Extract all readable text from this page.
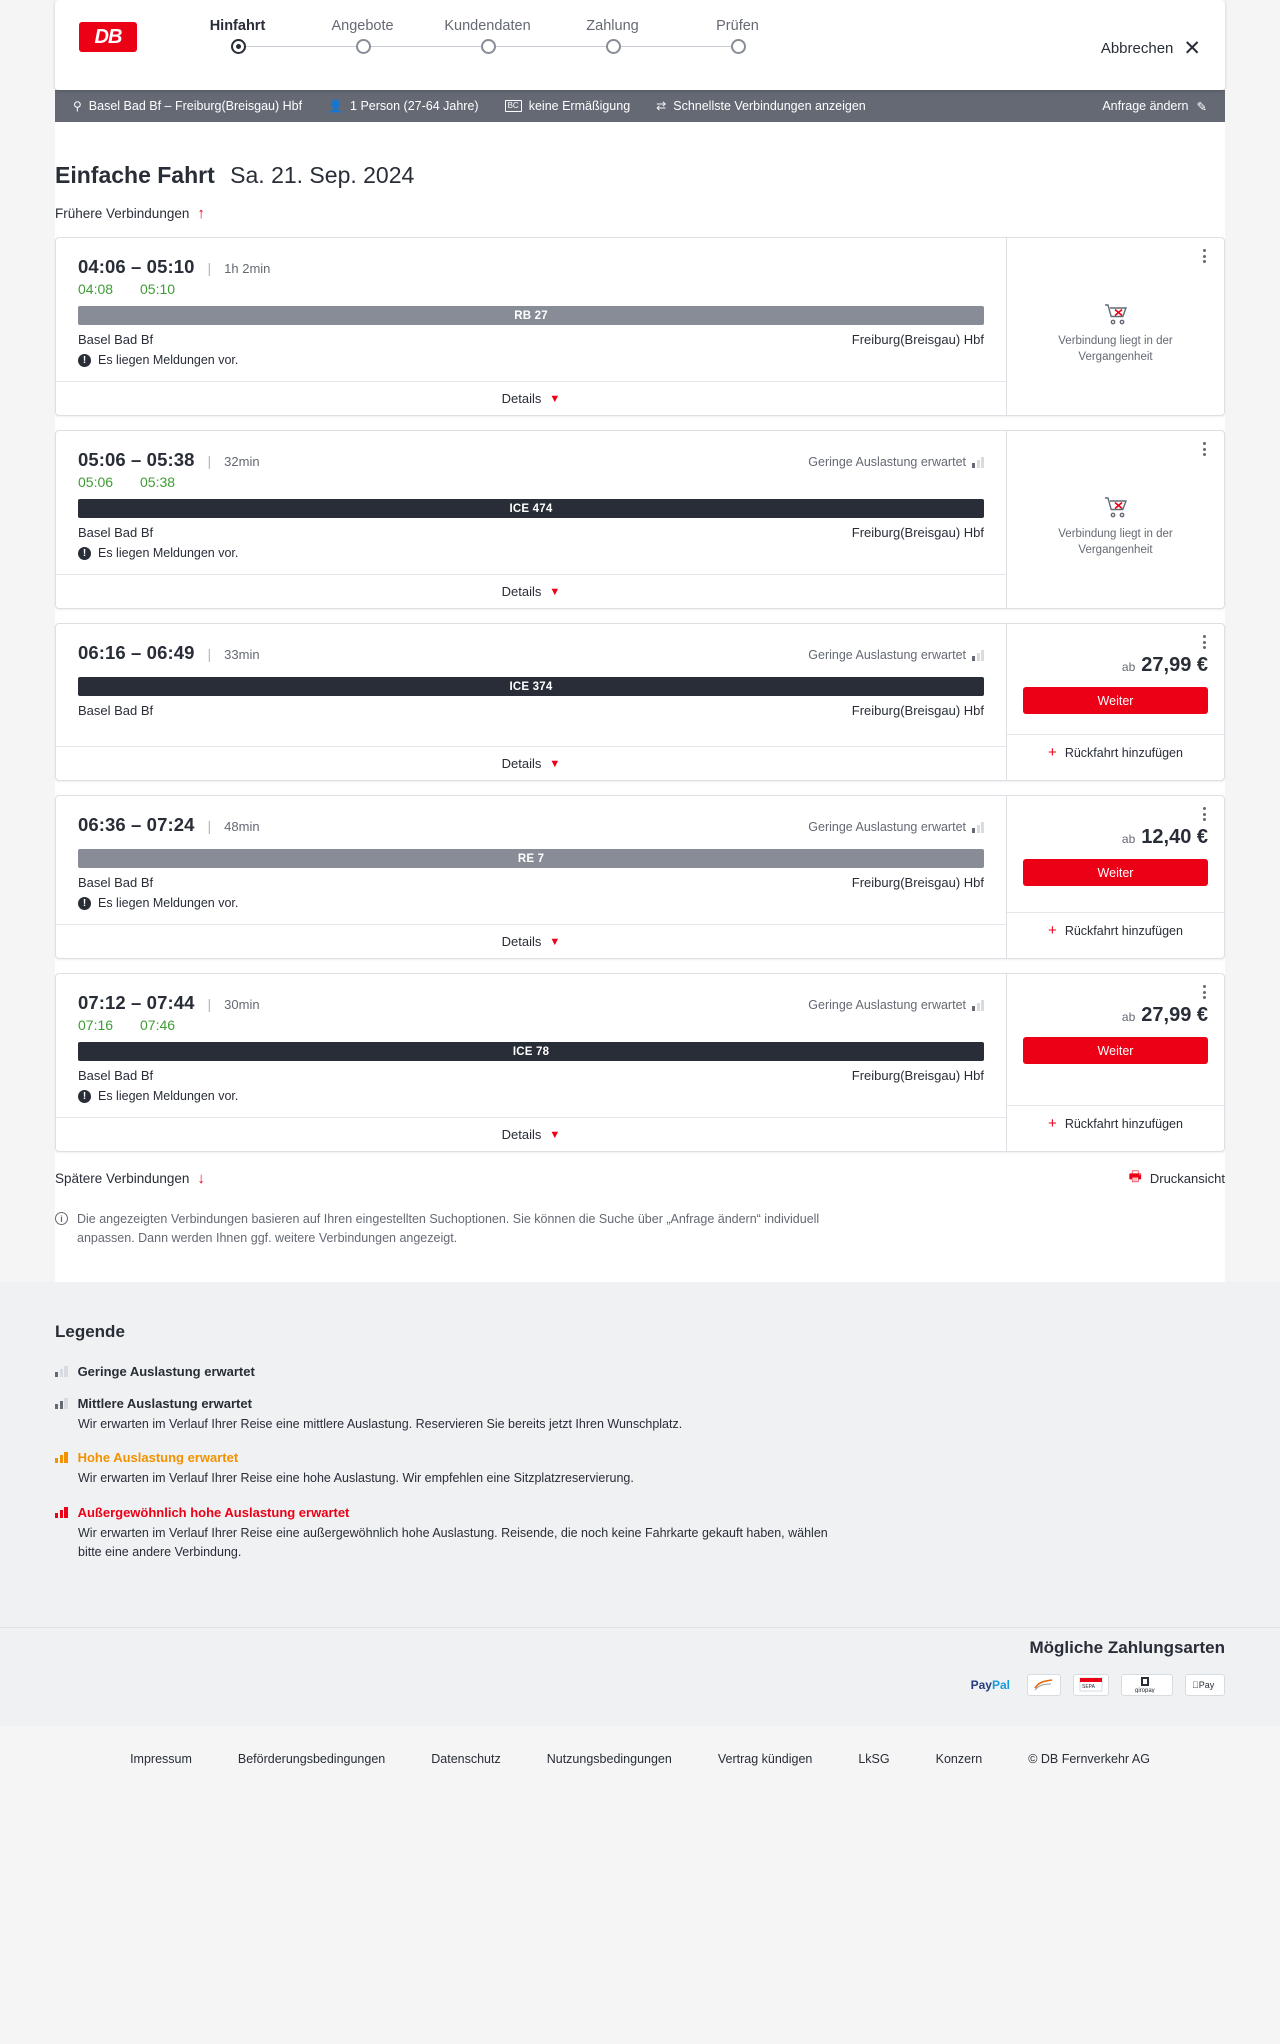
DB	Hinfahrt	Angebote	Kundendaten	Zahlung	Prüfen
Abbrechen ✕
⚲ Basel Bad Bf – Freiburg(Breisgau) Hbf 👤 1 Person (27-64 Jahre)	BC keine Ermäßigung ⇄ Schnellste Verbindungen anzeigen	Anfrage ändern ✎
Einfache Fahrt Sa. 21. Sep. 2024
Frühere Verbindungen
↑
04:06 – 05:10 | 1h 2min
04:08	05:10
RB 27
Basel Bad Bf	Freiburg(Breisgau) Hbf
! Es liegen Meldungen vor.
Details ▼
Verbindung liegt in der Vergangenheit
05:06 – 05:38 | 32min	Geringe Auslastung erwartet
05:06	05:38
ICE 474
Basel Bad Bf	Freiburg(Breisgau) Hbf
! Es liegen Meldungen vor.
Details ▼
Verbindung liegt in der Vergangenheit
06:16 – 06:49 | 33min	Geringe Auslastung erwartet
ICE 374
Basel Bad Bf	Freiburg(Breisgau) Hbf
Details ▼
ab 27,99 €
Weiter
+ Rückfahrt hinzufügen
06:36 – 07:24 | 48min	Geringe Auslastung erwartet
RE 7
Basel Bad Bf	Freiburg(Breisgau) Hbf
! Es liegen Meldungen vor.
Details ▼
ab 12,40 €
Weiter
+ Rückfahrt hinzufügen
07:12 – 07:44 | 30min	Geringe Auslastung erwartet
07:16	07:46
ICE 78
Basel Bad Bf	Freiburg(Breisgau) Hbf
! Es liegen Meldungen vor.
Details ▼
ab 27,99 €
Weiter
+ Rückfahrt hinzufügen
Spätere Verbindungen ↓	🖶 Druckansicht
i	Die angezeigten Verbindungen basieren auf Ihren eingestellten Suchoptionen. Sie können die Suche über „Anfrage ändern“ individuell anpassen. Dann werden Ihnen ggf. weitere Verbindungen angezeigt.
Legende
Geringe Auslastung erwartet
Mittlere Auslastung erwartet
Wir erwarten im Verlauf Ihrer Reise eine mittlere Auslastung. Reservieren Sie bereits jetzt Ihren Wunschplatz.
Hohe Auslastung erwartet
Wir erwarten im Verlauf Ihrer Reise eine hohe Auslastung. Wir empfehlen eine Sitzplatzreservierung.
Außergewöhnlich hohe Auslastung erwartet
Wir erwarten im Verlauf Ihrer Reise eine außergewöhnlich hohe Auslastung. Reisende, die noch keine Fahrkarte gekauft haben, wählen bitte eine andere Verbindung.
Mögliche Zahlungsarten
Pay Pal	SEPA
giropay
Pay
Impressum	Beförderungsbedingungen	Datenschutz	Nutzungsbedingungen	Vertrag kündigen	LkSG	Konzern	© DB Fernverkehr AG
